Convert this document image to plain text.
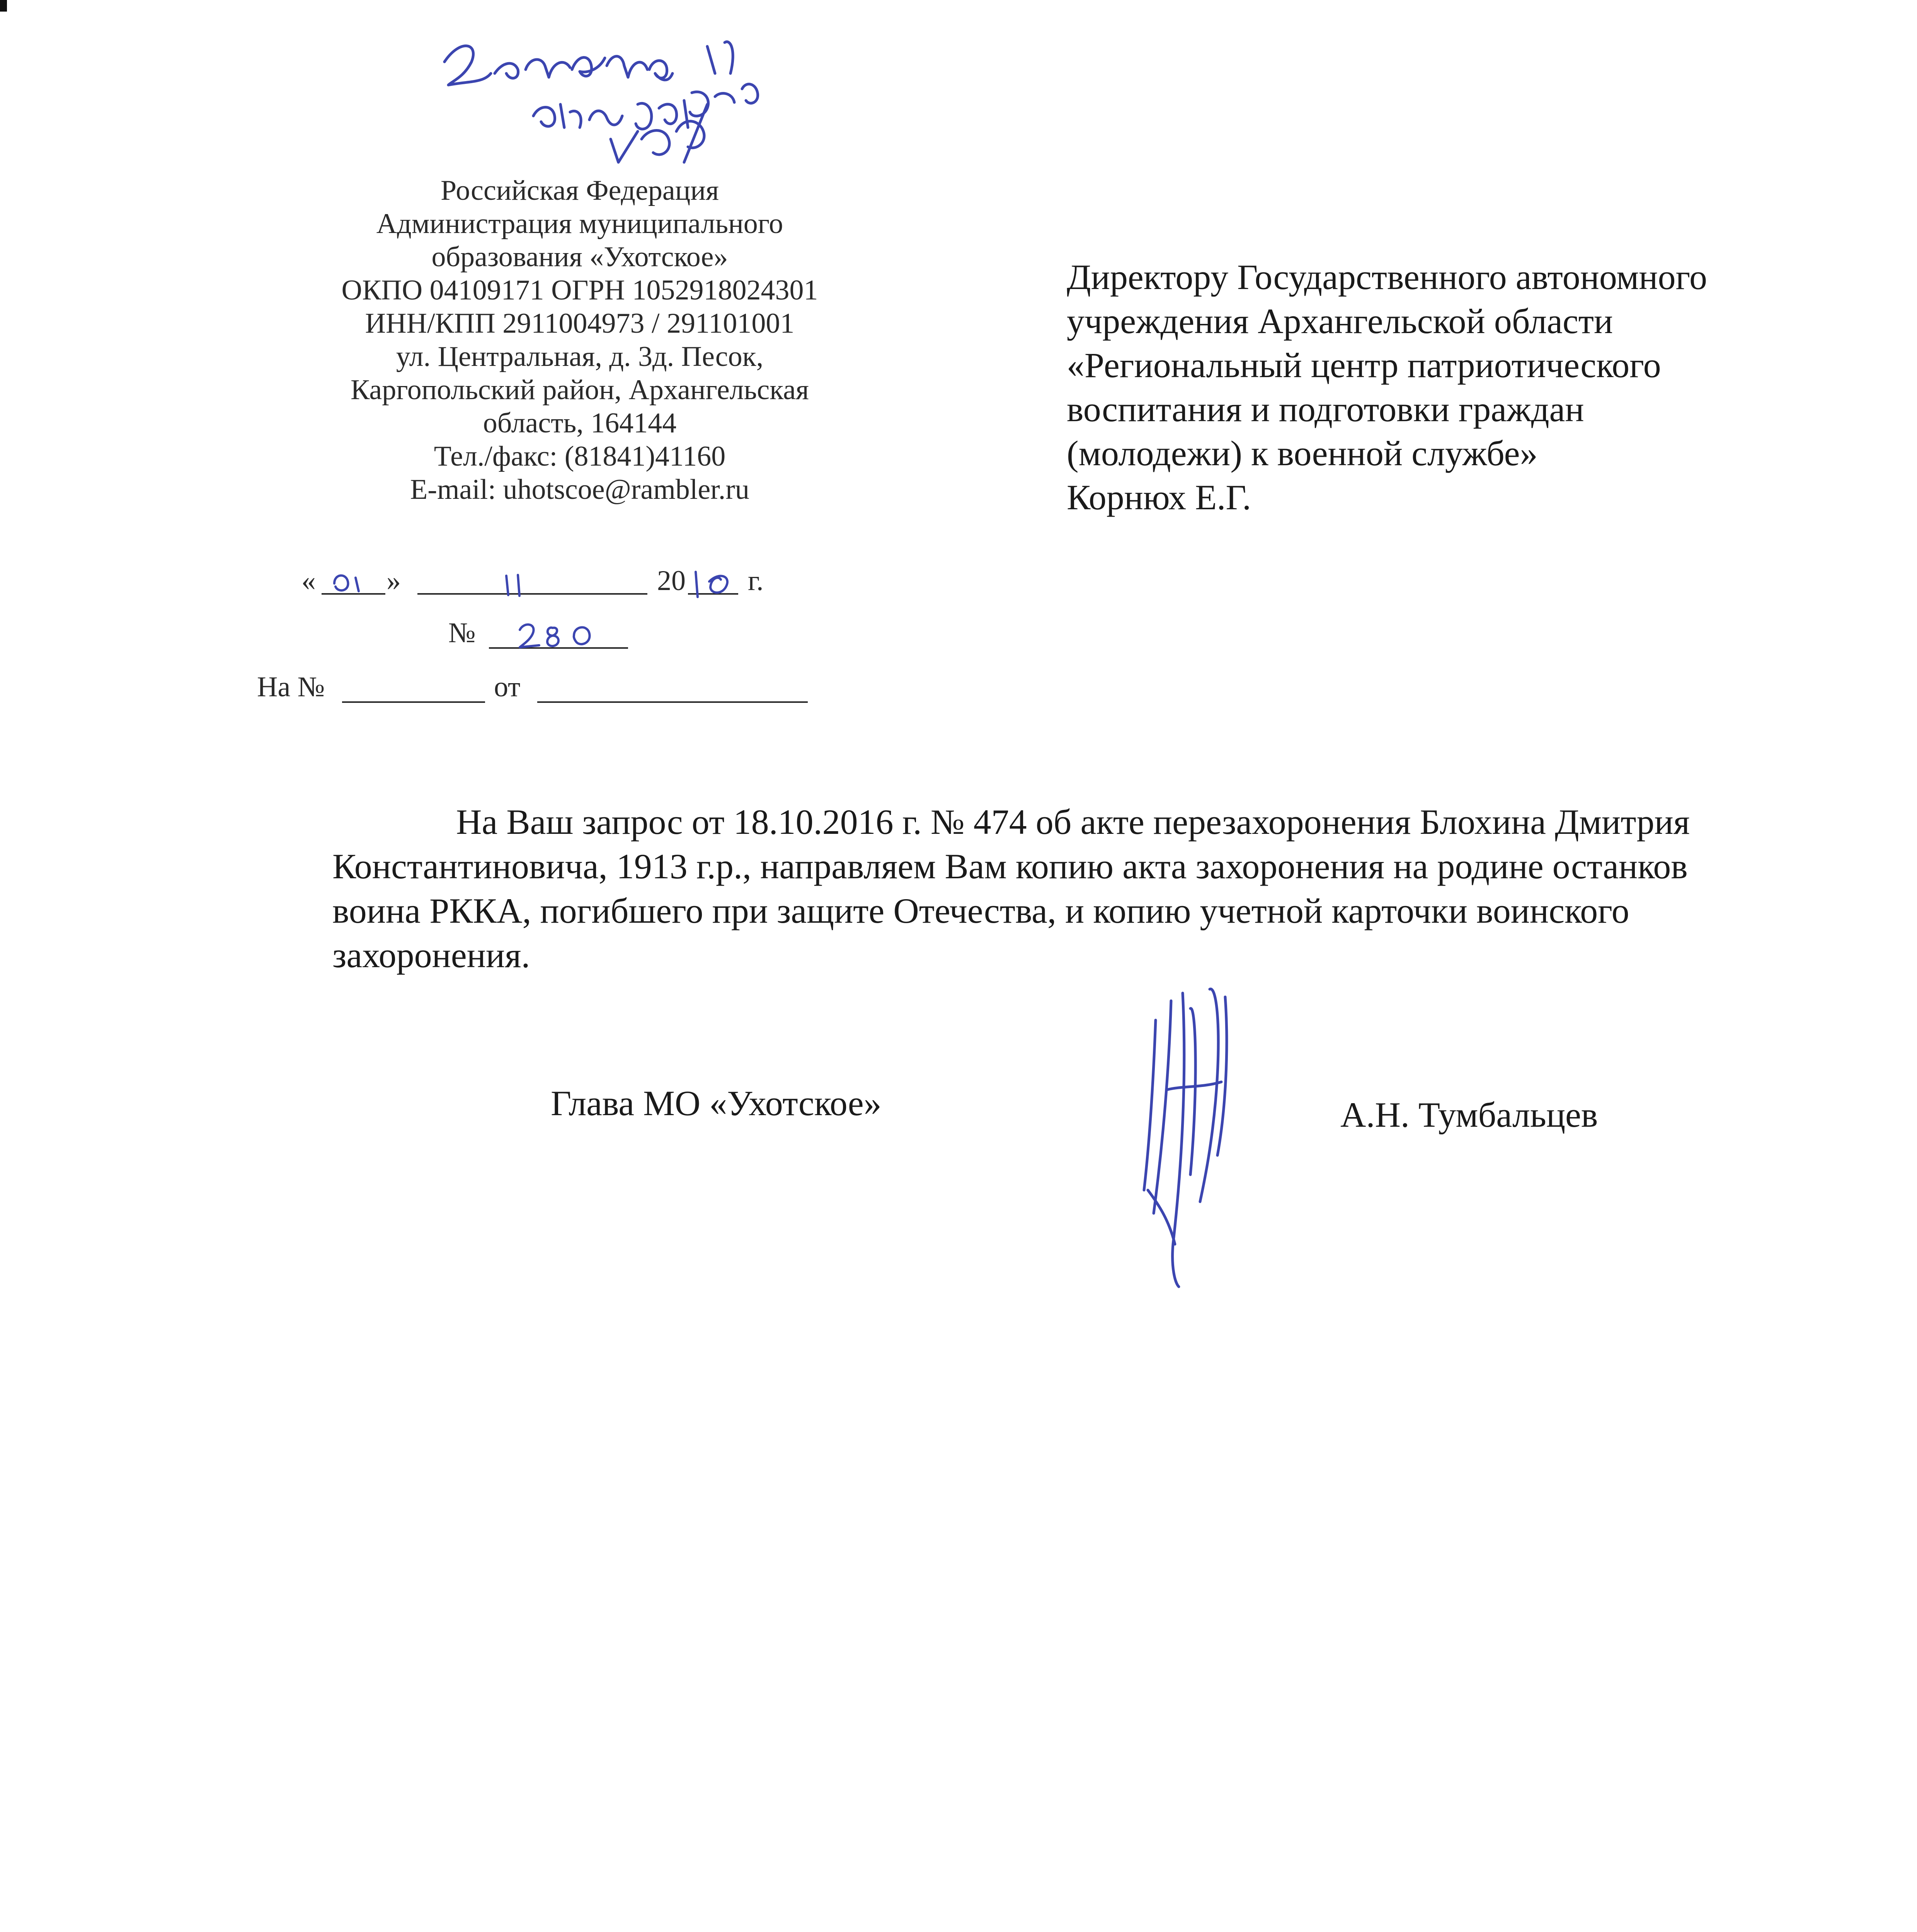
Российская Федерация
Администрация муниципального
образования «Ухотское»
ОКПО 04109171 ОГРН 1052918024301
ИНН/КПП 2911004973 / 291101001
ул. Центральная, д. 3д. Песок,
Каргопольский район, Архангельская
область, 164144
Тел./факс: (81841)41160
E-mail: uhotscoe@rambler.ru
« »	20 г.
№
На №	от
Директору Государственного автономного
учреждения Архангельской области
«Региональный центр патриотического
воспитания и подготовки граждан
(молодежи) к военной службе»
Корнюх Е.Г.
На Ваш запрос от 18.10.2016 г. № 474 об акте перезахоронения Блохина Дмитрия
Константиновича, 1913 г.р., направляем Вам копию акта захоронения на родине останков
воина РККА, погибшего при защите Отечества, и копию учетной карточки воинского
захоронения.
Глава МО «Ухотское»	А.Н. Тумбальцев
